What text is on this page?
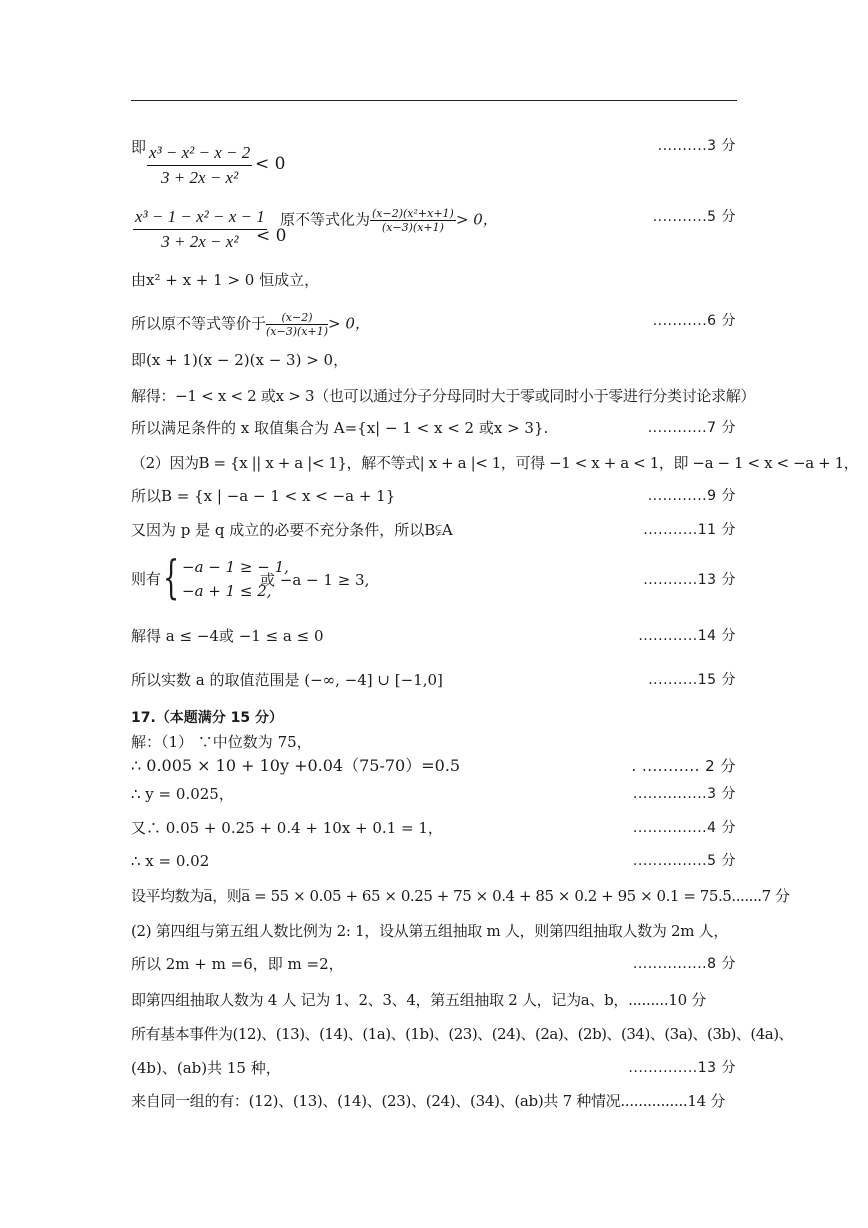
即 $\frac{\text{x³ − x² − x − 2}}{\text{3 + 2x − x²}} < 0$
..........3 分
$\frac{\text{x³ − 1 − x² − x − 1}}{\text{3 + 2x − x²}}$
< 0
原不等式化为 $\frac{\text{(x−2)(x²+x+1)}}{(x-3)(x+1)} > 0$，	...........5 分
由x² + x + 1 > 0 恒成立，
所以原不等式等价于 $\frac{(x-2)}{(x-3)(x+1)} > 0$，	...........6 分
即(x + 1)(x − 2)(x − 3) > 0，
解得：−1 < x < 2 或x > 3（也可以通过分子分母同时大于零或同时小于零进行分类讨论求解）
所以满足条件的 x 取值集合为 A={x| − 1 < x < 2 或x > 3}.	............7 分
（2）因为B = {x || x + a |< 1}，解不等式| x + a |< 1，可得 −1 < x + a < 1，即 −a − 1 < x < −a + 1，
所以B = {x | −a − 1 < x < −a + 1}	............9 分
又因为 p 是 q 成立的必要不充分条件，所以B⫋A	...........11 分
则有 { −a − 1 ≥ − 1,
−a + 1 ≤ 2,
或 −a − 1 ≥ 3,	...........13 分
解得 a ≤ −4或 −1 ≤ a ≤ 0	............14 分
所以实数 a 的取值范围是 (−∞, −4] ∪ [−1,0]	..........15 分
17.（本题满分 15 分）
解：（1） ∵中位数为 75，
∴ 0.005 × 10 + 10y +0.04（75-70）=0.5	. ........... 2 分
∴ y = 0.025，	...............3 分
又∴ 0.05 + 0.25 + 0.4 + 10x + 0.1 = 1，	...............4 分
∴ x = 0.02	...............5 分
设平均数为a̅，则a̅ = 55 × 0.05 + 65 × 0.25 + 75 × 0.4 + 85 × 0.2 + 95 × 0.1 = 75.5.......7 分
(2) 第四组与第五组人数比例为 2: 1，设从第五组抽取 m 人，则第四组抽取人数为 2m 人，
所以 2m + m =6，即 m =2，	...............8 分
即第四组抽取人数为 4 人 记为 1、2、3、4，第五组抽取 2 人，记为a、b，.........10 分
所有基本事件为(12)、(13)、(14)、(1a)、(1b)、(23)、(24)、(2a)、(2b)、(34)、(3a)、(3b)、(4a)、
(4b)、(ab)共 15 种，	..............13 分
来自同一组的有：(12)、(13)、(14)、(23)、(24)、(34)、(ab)共 7 种情况...............14 分
